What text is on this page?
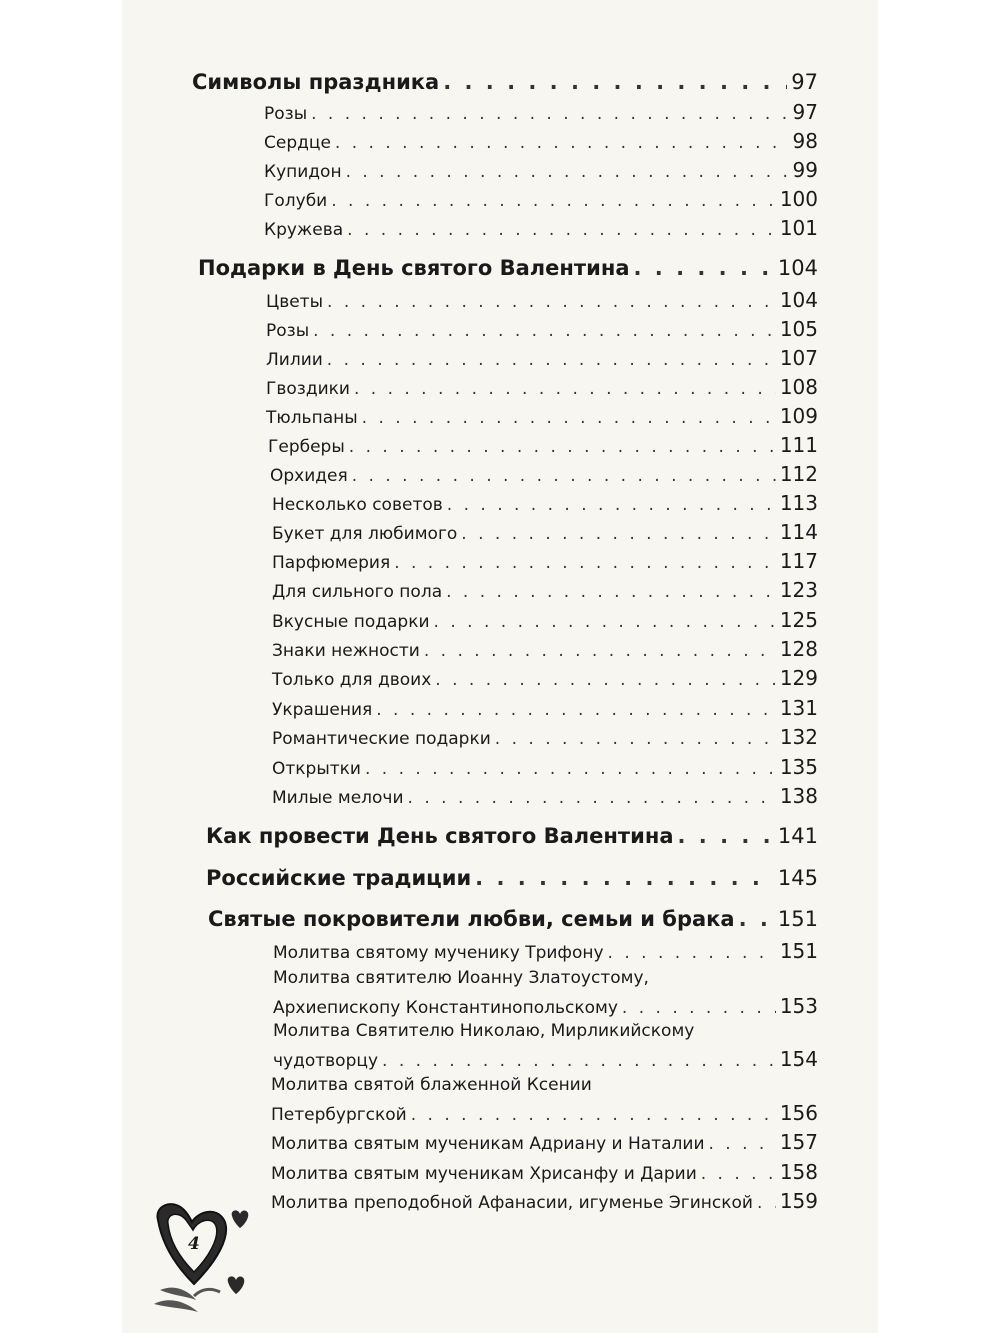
Символы праздника . . .	97
Розы . . .	97
Сердце . . .	98
Купидон . . .	99
Голуби . . .	100
Кружева . . .	101
Подарки в День святого Валентина . . .	104
Цветы . . .	104
Розы . . .	105
Лилии . . .	107
Гвоздики . . .	108
Тюльпаны . . .	109
Герберы . . .	111
Орхидея . . .	112
Несколько советов . . .	113
Букет для любимого . . .	114
Парфюмерия . . .	117
Для сильного пола . . .	123
Вкусные подарки . . .	125
Знаки нежности . . .	128
Только для двоих . . .	129
Украшения . . .	131
Романтические подарки . . .	132
Открытки . . .	135
Милые мелочи . . .	138
Как провести День святого Валентина . . .	141
Российские традиции . . .	145
Святые покровители любви, семьи и брака . . . 151
Молитва святому мученику Трифону . . .	151
Молитва святителю Иоанну Златоустому,
Архиепископу Константинопольскому . . .	153
Молитва Святителю Николаю, Мирликийскому
чудотворцу . . .	154
Молитва святой блаженной Ксении
Петербургской . . .	156
Молитва святым мученикам Адриану и Наталии . . .	157
Молитва святым мученикам Хрисанфу и Дарии . . .	158
Молитва преподобной Афанасии, игуменье Эгинской . . . 159
4
